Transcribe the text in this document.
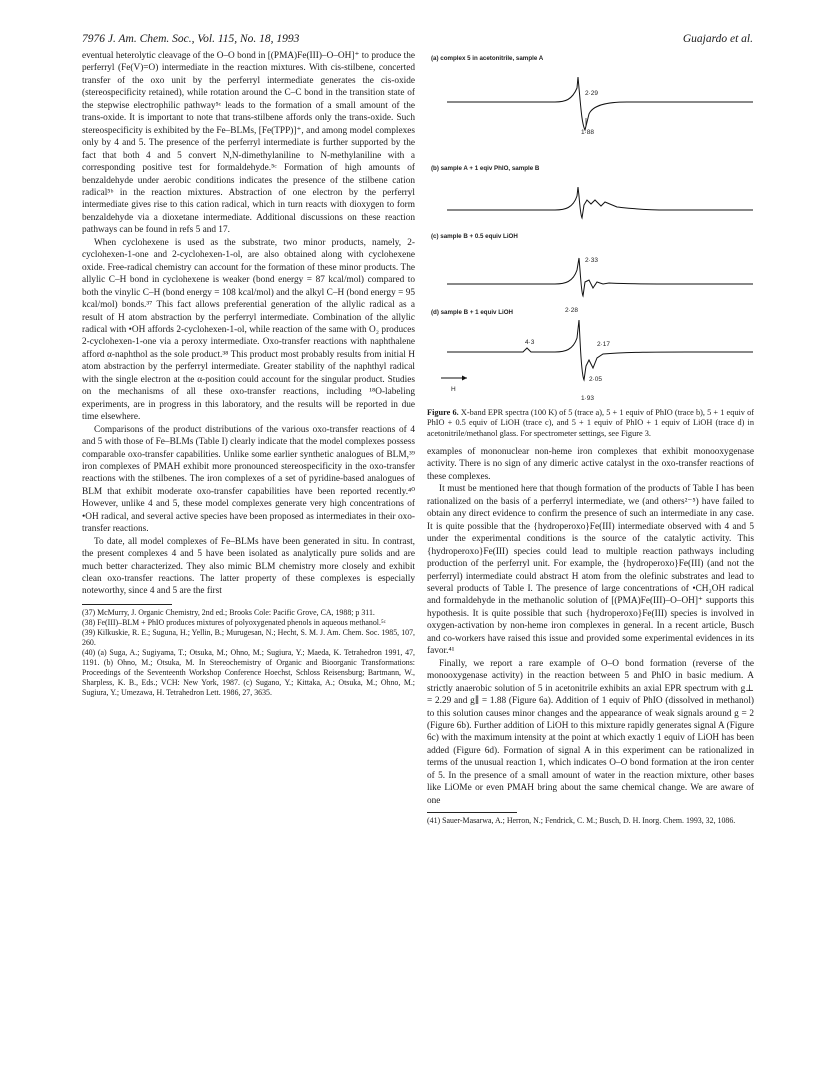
7976 J. Am. Chem. Soc., Vol. 115, No. 18, 1993	Guajardo et al.

eventual heterolytic cleavage of the O–O bond in [(PMA)Fe(III)–O–OH]⁺ to produce the perferryl (Fe(V)=O) intermediate in the reaction mixtures. With cis-stilbene, concerted transfer of the oxo unit by the perferryl intermediate generates the cis-oxide (stereospecificity retained), while rotation around the C–C bond in the transition state of the stepwise electrophilic pathway⁵ᶜ leads to the formation of a small amount of the trans-oxide. It is important to note that trans-stilbene affords only the trans-oxide. Such stereospecificity is exhibited by the Fe–BLMs, [Fe(TPP)]⁺, and among model complexes only by 4 and 5. The presence of the perferryl intermediate is further supported by the fact that both 4 and 5 convert N,N-dimethylaniline to N-methylaniline with a corresponding positive test for formaldehyde.⁵ᶜ Formation of high amounts of benzaldehyde under aerobic conditions indicates the presence of the stilbene cation radical⁵ᵇ in the reaction mixtures. Abstraction of one electron by the perferryl intermediate gives rise to this cation radical, which in turn reacts with dioxygen to form benzaldehyde via a dioxetane intermediate. Additional discussions on these reaction pathways can be found in refs 5 and 17.

When cyclohexene is used as the substrate, two minor products, namely, 2-cyclohexen-1-one and 2-cyclohexen-1-ol, are also obtained along with cyclohexene oxide. Free-radical chemistry can account for the formation of these minor products. The allylic C–H bond in cyclohexene is weaker (bond energy = 87 kcal/mol) compared to both the vinylic C–H (bond energy = 108 kcal/mol) and the alkyl C–H (bond energy = 95 kcal/mol) bonds.³⁷ This fact allows preferential generation of the allylic radical as a result of H atom abstraction by the perferryl intermediate. Combination of the allylic radical with •OH affords 2-cyclohexen-1-ol, while reaction of the same with O₂ produces 2-cyclohexen-1-one via a peroxy intermediate. Oxo-transfer reactions with naphthalene afford α-naphthol as the sole product.³⁸ This product most probably results from initial H atom abstraction by the perferryl intermediate. Greater stability of the naphthyl radical with the single electron at the α-position could account for the singular product. Studies on the mechanisms of all these oxo-transfer reactions, including ¹⁸O-labeling experiments, are in progress in this laboratory, and the results will be reported in due time elsewhere.

Comparisons of the product distributions of the various oxo-transfer reactions of 4 and 5 with those of Fe–BLMs (Table I) clearly indicate that the model complexes possess comparable oxo-transfer capabilities. Unlike some earlier synthetic analogues of BLM,³⁹ iron complexes of PMAH exhibit more pronounced stereospecificity in the oxo-transfer reactions with the stilbenes. The iron complexes of a set of pyridine-based analogues of BLM that exhibit moderate oxo-transfer capabilities have been reported recently.⁴⁰ However, unlike 4 and 5, these model complexes generate very high concentrations of •OH radical, and several active species have been proposed as intermediates in their oxo-transfer reactions.

To date, all model complexes of Fe–BLMs have been generated in situ. In contrast, the present complexes 4 and 5 have been isolated as analytically pure solids and are much better characterized. They also mimic BLM chemistry more closely and exhibit clean oxo-transfer reactions. The latter property of these complexes is especially noteworthy, since 4 and 5 are the first

(37) McMurry, J. Organic Chemistry, 2nd ed.; Brooks Cole: Pacific Grove, CA, 1988; p 311.

(38) Fe(III)–BLM + PhIO produces mixtures of polyoxygenated phenols in aqueous methanol.⁵ᶜ

(39) Kilkuskie, R. E.; Suguna, H.; Yellin, B.; Murugesan, N.; Hecht, S. M. J. Am. Chem. Soc. 1985, 107, 260.

(40) (a) Suga, A.; Sugiyama, T.; Otsuka, M.; Ohno, M.; Sugiura, Y.; Maeda, K. Tetrahedron 1991, 47, 1191. (b) Ohno, M.; Otsuka, M. In Stereochemistry of Organic and Bioorganic Transformations: Proceedings of the Seventeenth Workshop Conference Hoechst, Schloss Reisensburg; Bartmann, W., Sharpless, K. B., Eds.; VCH: New York, 1987. (c) Sugano, Y.; Kittaka, A.; Otsuka, M.; Ohno, M.; Sugiura, Y.; Umezawa, H. Tetrahedron Lett. 1986, 27, 3635.

(a) complex 5 in acetonitrile, sample A
(b) sample A + 1 eqiv PhIO, sample B
(c) sample B + 0.5 equiv LiOH
(d) sample B + 1 equiv LiOH
2·29
1·88
2·33
2·28
4·3	2·17
2·05
1·93
H
Figure 6. X-band EPR spectra (100 K) of 5 (trace a), 5 + 1 equiv of PhIO (trace b), 5 + 1 equiv of PhIO + 0.5 equiv of LiOH (trace c), and 5 + 1 equiv of PhIO + 1 equiv of LiOH (trace d) in acetonitrile/methanol glass. For spectrometer settings, see Figure 3.

examples of mononuclear non-heme iron complexes that exhibit monooxygenase activity. There is no sign of any dimeric active catalyst in the oxo-transfer reactions of these complexes.

It must be mentioned here that though formation of the products of Table I has been rationalized on the basis of a perferryl intermediate, we (and others²⁻⁵) have failed to obtain any direct evidence to confirm the presence of such an intermediate in any case. It is quite possible that the {hydroperoxo}Fe(III) intermediate observed with 4 and 5 under the experimental conditions is the source of the catalytic activity. This {hydroperoxo}Fe(III) species could lead to multiple reaction pathways including production of the perferryl unit. For example, the {hydroperoxo}Fe(III) (and not the perferryl) intermediate could abstract H atom from the olefinic substrates and lead to several products of Table I. The presence of large concentrations of •CH₂OH radical and formaldehyde in the methanolic solution of [(PMA)Fe(III)–O–OH]⁺ supports this hypothesis. It is quite possible that such {hydroperoxo}Fe(III) species is involved in oxygen-activation by non-heme iron complexes in general. In a recent article, Busch and co-workers have raised this issue and provided some experimental evidences in its favor.⁴¹

Finally, we report a rare example of O–O bond formation (reverse of the monooxygenase activity) in the reaction between 5 and PhIO in basic medium. A strictly anaerobic solution of 5 in acetonitrile exhibits an axial EPR spectrum with g⊥ = 2.29 and g∥ = 1.88 (Figure 6a). Addition of 1 equiv of PhIO (dissolved in methanol) to this solution causes minor changes and the appearance of weak signals around g = 2 (Figure 6b). Further addition of LiOH to this mixture rapidly generates signal A (Figure 6c) with the maximum intensity at the point at which exactly 1 equiv of LiOH has been added (Figure 6d). Formation of signal A in this experiment can be rationalized in terms of the unusual reaction 1, which indicates O–O bond formation at the iron center of 5. In the presence of a small amount of water in the reaction mixture, other bases like LiOMe or even PMAH bring about the same chemical change. We are aware of one

(41) Sauer-Masarwa, A.; Herron, N.; Fendrick, C. M.; Busch, D. H. Inorg. Chem. 1993, 32, 1086.
